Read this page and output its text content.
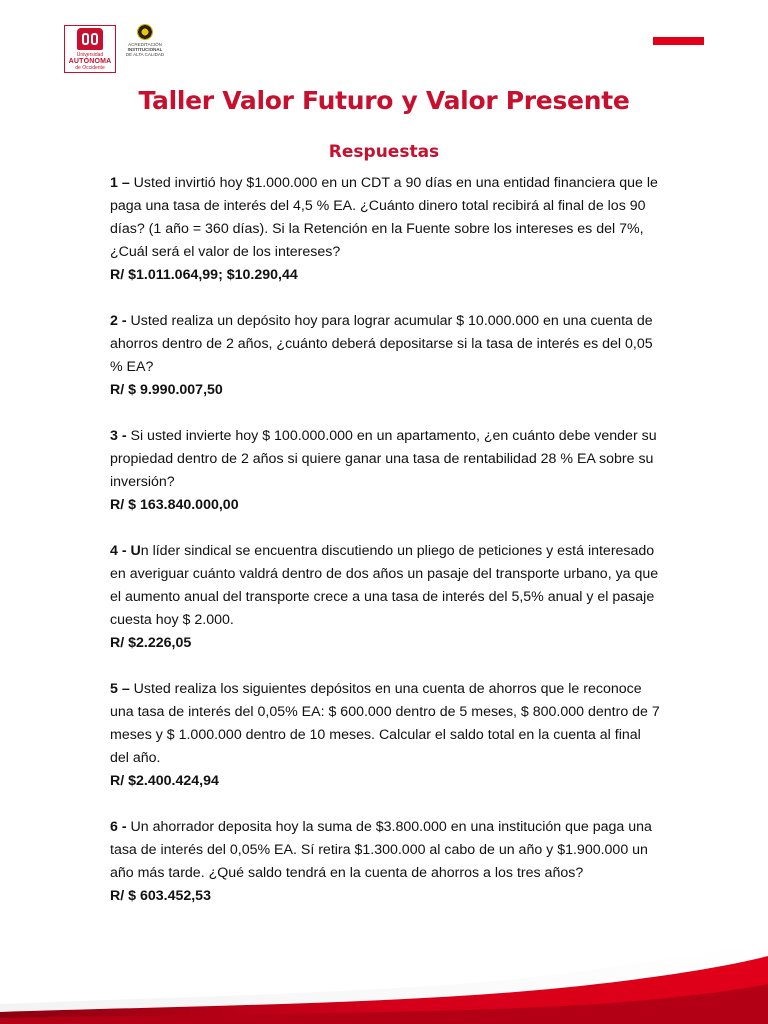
Universidad
AUTÓNOMA
de Occidente
ACREDITACIÓN
INSTITUCIONAL
DE ALTA CALIDAD
Taller Valor Futuro y Valor Presente
Respuestas

1 – Usted invirtió hoy $1.000.000 en un CDT a 90 días en una entidad financiera que le paga una tasa de interés del 4,5 % EA. ¿Cuánto dinero total recibirá al final de los 90 días? (1 año = 360 días). Si la Retención en la Fuente sobre los intereses es del 7%, ¿Cuál será el valor de los intereses?

R/ $1.011.064,99; $10.290,44

2 - Usted realiza un depósito hoy para lograr acumular $ 10.000.000 en una cuenta de ahorros dentro de 2 años, ¿cuánto deberá depositarse si la tasa de interés es del 0,05 % EA?

R/ $ 9.990.007,50

3 - Si usted invierte hoy $ 100.000.000 en un apartamento, ¿en cuánto debe vender su propiedad dentro de 2 años si quiere ganar una tasa de rentabilidad 28 % EA sobre su inversión?

R/ $ 163.840.000,00

4 - Un líder sindical se encuentra discutiendo un pliego de peticiones y está interesado en averiguar cuánto valdrá dentro de dos años un pasaje del transporte urbano, ya que el aumento anual del transporte crece a una tasa de interés del 5,5% anual y el pasaje cuesta hoy $ 2.000.

R/ $2.226,05

5 – Usted realiza los siguientes depósitos en una cuenta de ahorros que le reconoce una tasa de interés del 0,05% EA: $ 600.000 dentro de 5 meses, $ 800.000 dentro de 7 meses y $ 1.000.000 dentro de 10 meses. Calcular el saldo total en la cuenta al final del año.

R/ $2.400.424,94

6 - Un ahorrador deposita hoy la suma de $3.800.000 en una institución que paga una tasa de interés del 0,05% EA. Sí retira $1.300.000 al cabo de un año y $1.900.000 un año más tarde. ¿Qué saldo tendrá en la cuenta de ahorros a los tres años?

R/ $ 603.452,53
